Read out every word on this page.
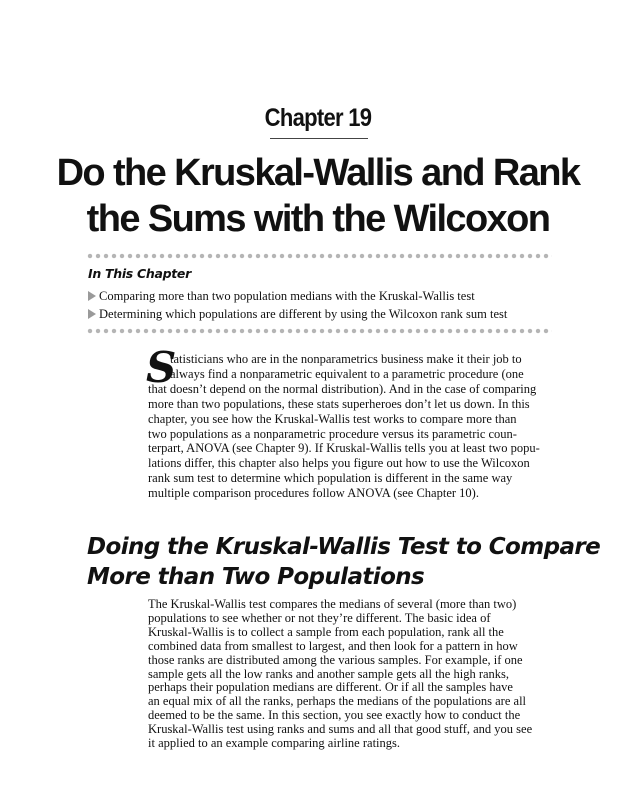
Chapter 19
Do the Kruskal-Wallis and Rank
the Sums with the Wilcoxon
In This Chapter
Comparing more than two population medians with the Kruskal-Wallis test
Determining which populations are different by using the Wilcoxon rank sum test
S
tatisticians who are in the nonparametrics business make it their job to
always find a nonparametric equivalent to a parametric procedure (one
that doesn’t depend on the normal distribution). And in the case of comparing
more than two populations, these stats superheroes don’t let us down. In this
chapter, you see how the Kruskal-Wallis test works to compare more than
two populations as a nonparametric procedure versus its parametric coun-
terpart, ANOVA (see Chapter 9). If Kruskal-Wallis tells you at least two popu-
lations differ, this chapter also helps you figure out how to use the Wilcoxon
rank sum test to determine which population is different in the same way
multiple comparison procedures follow ANOVA (see Chapter 10).
Doing the Kruskal-Wallis Test to Compare
More than Two Populations
The Kruskal-Wallis test compares the medians of several (more than two)
populations to see whether or not they’re different. The basic idea of
Kruskal-Wallis is to collect a sample from each population, rank all the
combined data from smallest to largest, and then look for a pattern in how
those ranks are distributed among the various samples. For example, if one
sample gets all the low ranks and another sample gets all the high ranks,
perhaps their population medians are different. Or if all the samples have
an equal mix of all the ranks, perhaps the medians of the populations are all
deemed to be the same. In this section, you see exactly how to conduct the
Kruskal-Wallis test using ranks and sums and all that good stuff, and you see
it applied to an example comparing airline ratings.
